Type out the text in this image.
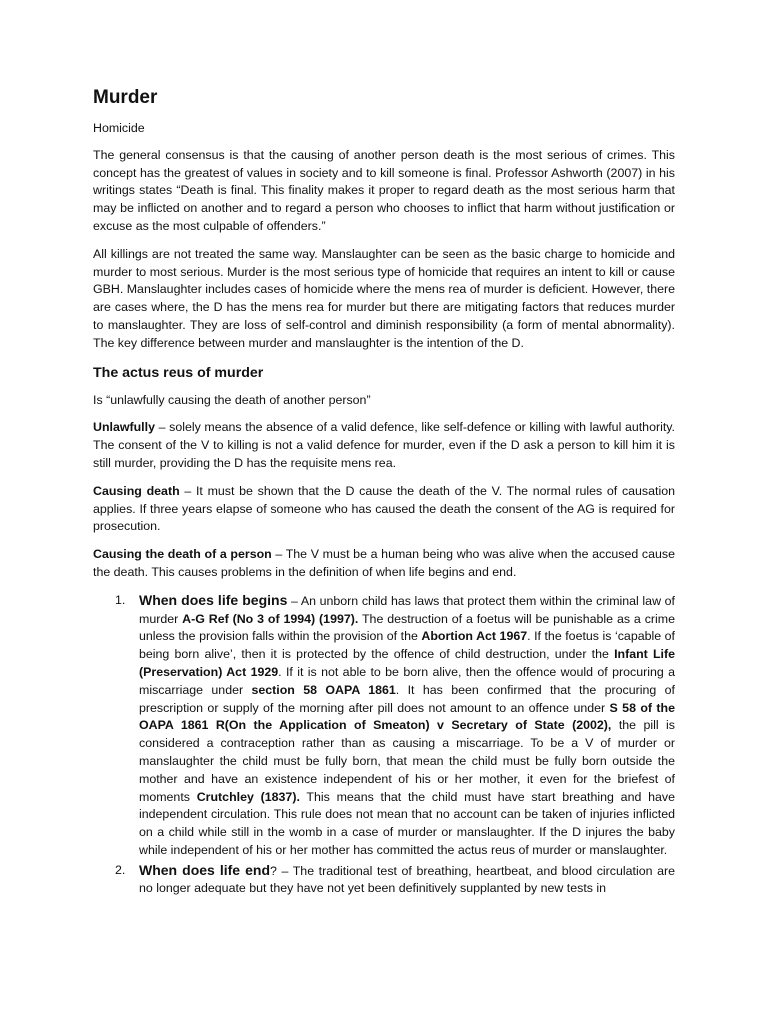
Murder

Homicide

The general consensus is that the causing of another person death is the most serious of crimes. This concept has the greatest of values in society and to kill someone is final. Professor Ashworth (2007) in his writings states “Death is final. This finality makes it proper to regard death as the most serious harm that may be inflicted on another and to regard a person who chooses to inflict that harm without justification or excuse as the most culpable of offenders.”

All killings are not treated the same way. Manslaughter can be seen as the basic charge to homicide and murder to most serious. Murder is the most serious type of homicide that requires an intent to kill or cause GBH. Manslaughter includes cases of homicide where the mens rea of murder is deficient. However, there are cases where, the D has the mens rea for murder but there are mitigating factors that reduces murder to manslaughter. They are loss of self-control and diminish responsibility (a form of mental abnormality). The key difference between murder and manslaughter is the intention of the D.

The actus reus of murder

Is “unlawfully causing the death of another person”

Unlawfully – solely means the absence of a valid defence, like self-defence or killing with lawful authority. The consent of the V to killing is not a valid defence for murder, even if the D ask a person to kill him it is still murder, providing the D has the requisite mens rea.

Causing death – It must be shown that the D cause the death of the V. The normal rules of causation applies. If three years elapse of someone who has caused the death the consent of the AG is required for prosecution.

Causing the death of a person – The V must be a human being who was alive when the accused cause the death. This causes problems in the definition of when life begins and end.

1. When does life begins – An unborn child has laws that protect them within the criminal law of murder A-G Ref (No 3 of 1994) (1997). The destruction of a foetus will be punishable as a crime unless the provision falls within the provision of the Abortion Act 1967. If the foetus is ‘capable of being born alive’, then it is protected by the offence of child destruction, under the Infant Life (Preservation) Act 1929. If it is not able to be born alive, then the offence would of procuring a miscarriage under section 58 OAPA 1861. It has been confirmed that the procuring of prescription or supply of the morning after pill does not amount to an offence under S 58 of the OAPA 1861 R(On the Application of Smeaton) v Secretary of State (2002), the pill is considered a contraception rather than as causing a miscarriage. To be a V of murder or manslaughter the child must be fully born, that mean the child must be fully born outside the mother and have an existence independent of his or her mother, it even for the briefest of moments Crutchley (1837). This means that the child must have start breathing and have independent circulation. This rule does not mean that no account can be taken of injuries inflicted on a child while still in the womb in a case of murder or manslaughter. If the D injures the baby while independent of his or her mother has committed the actus reus of murder or manslaughter.
2. When does life end? – The traditional test of breathing, heartbeat, and blood circulation are no longer adequate but they have not yet been definitively supplanted by new tests in
